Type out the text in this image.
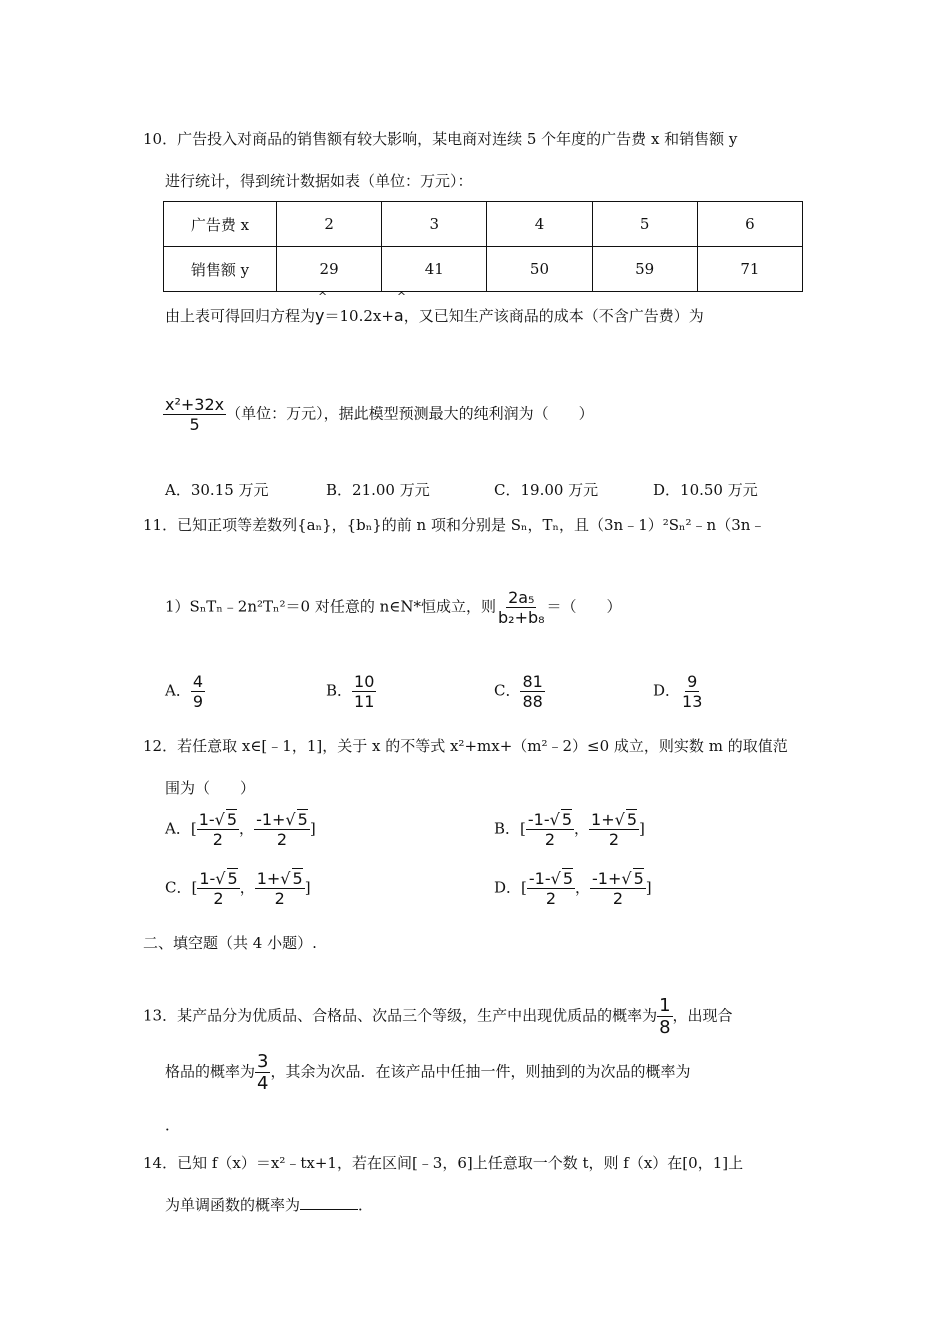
10．广告投入对商品的销售额有较大影响，某电商对连续 5 个年度的广告费 x 和销售额 y
进行统计，得到统计数据如表（单位：万元）：
广告费 x	2	3	4	5	6
销售额 y	29	41	50	59	71
由上表可得回归方程为
^
y＝10.2x+
^
a，又已知生产该商品的成本（不含广告费）为
$\frac{\text{x²+32x}}{5}$ （单位：万元），据此模型预测最大的纯利润为（　　）
A．30.15 万元	B．21.00 万元	C．19.00 万元	D．10.50 万元
11．已知正项等差数列{aₙ}，{bₙ}的前 n 项和分别是 Sₙ，Tₙ，且（3n﹣1）²Sₙ²﹣n（3n﹣
1）SₙTₙ﹣2n²Tₙ²＝0 对任意的 n∈N*恒成立，则 $\frac{\text{2a₅}}{\text{b₂+b₈}}$ ＝（　　）
A． $\frac{4}{9}$	B． $\frac{10}{11}$	C． $\frac{81}{88}$	D． $\frac{9}{13}$
12．若任意取 x∈[﹣1，1]，关于 x 的不等式 x²+mx+（m²﹣2）≤0 成立，则实数 m 的取值范
围为（　　）
A．[ $\frac{1-√ 5}{2}$ ， $\frac{-1+√ 5}{2}$ ]	B．[ $\frac{-1-√ 5}{2}$ ， $\frac{1+√ 5}{2}$ ]
C．[ $\frac{1-√ 5}{2}$ ， $\frac{1+√ 5}{2}$ ]	D．[ $\frac{-1-√ 5}{2}$ ， $\frac{-1+√ 5}{2}$ ]
二、填空题（共 4 小题）.
13．某产品分为优质品、合格品、次品三个等级，生产中出现优质品的概率为 $\frac{1}{8}$ ，出现合
格品的概率为 $\frac{3}{4}$ ，其余为次品．在该产品中任抽一件，则抽到的为次品的概率为
．
14．已知 f（x）＝x²﹣tx+1，若在区间[﹣3，6]上任意取一个数 t，则 f（x）在[0，1]上
为单调函数的概率为	．
